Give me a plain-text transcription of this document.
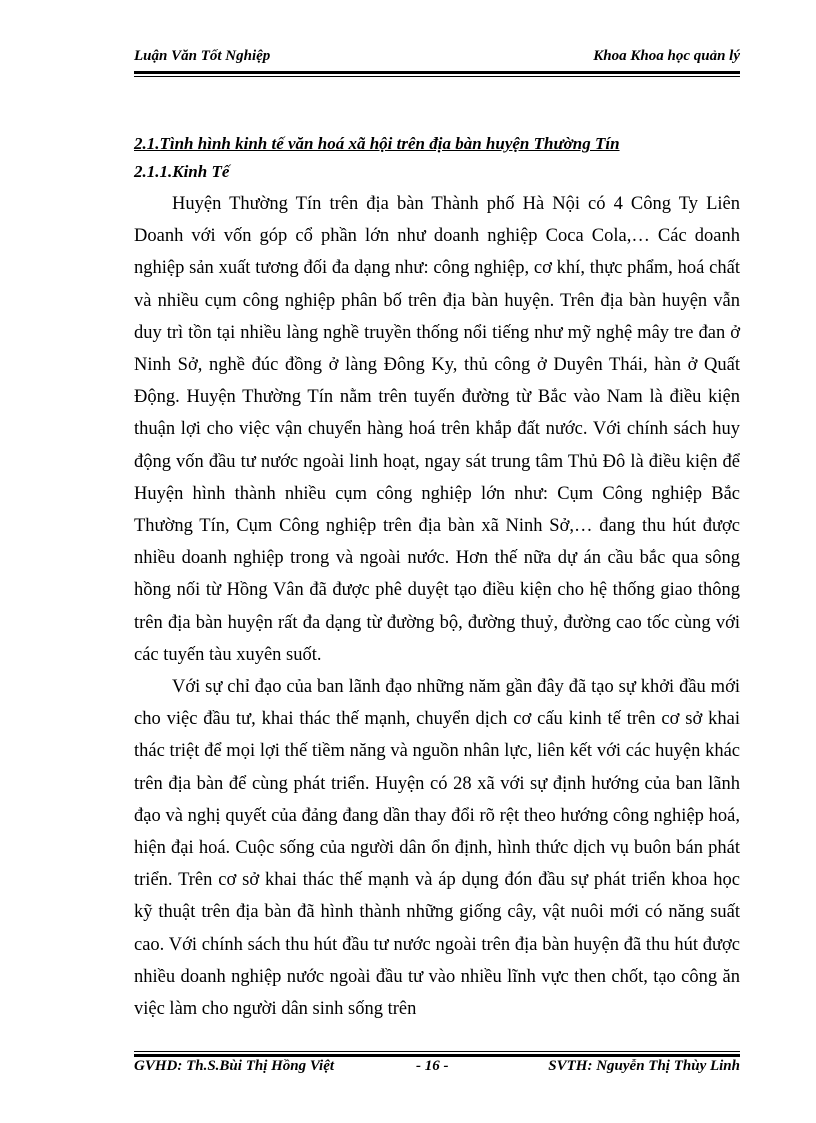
Luận Văn Tốt Nghiệp	Khoa Khoa học quản lý

2.1.Tình hình kinh tế văn hoá xã hội trên địa bàn huyện Thường Tín

2.1.1.Kinh Tế

Huyện Thường Tín trên địa bàn Thành phố Hà Nội có 4 Công Ty Liên Doanh với vốn góp cổ phần lớn như doanh nghiệp Coca Cola,… Các doanh nghiệp sản xuất tương đối đa dạng như: công nghiệp, cơ khí, thực phẩm, hoá chất và nhiều cụm công nghiệp phân bố trên địa bàn huyện. Trên địa bàn huyện vẫn duy trì tồn tại nhiều làng nghề truyền thống nổi tiếng như mỹ nghệ mây tre đan ở Ninh Sở, nghề đúc đồng ở làng Đông Ky, thủ công ở Duyên Thái, hàn ở Quất Động. Huyện Thường Tín nằm trên tuyến đường từ Bắc vào Nam là điều kiện thuận lợi cho việc vận chuyển hàng hoá trên khắp đất nước. Với chính sách huy động vốn đầu tư nước ngoài linh hoạt, ngay sát trung tâm Thủ Đô là điều kiện để Huyện hình thành nhiều cụm công nghiệp lớn như: Cụm Công nghiệp Bắc Thường Tín, Cụm Công nghiệp trên địa bàn xã Ninh Sở,… đang thu hút được nhiều doanh nghiệp trong và ngoài nước. Hơn thế nữa dự án cầu bắc qua sông hồng nối từ Hồng Vân đã được phê duyệt tạo điều kiện cho hệ thống giao thông trên địa bàn huyện rất đa dạng từ đường bộ, đường thuỷ, đường cao tốc cùng với các tuyến tàu xuyên suốt.

Với sự chỉ đạo của ban lãnh đạo những năm gần đây đã tạo sự khởi đầu mới cho việc đầu tư, khai thác thế mạnh, chuyển dịch cơ cấu kinh tế trên cơ sở khai thác triệt để mọi lợi thế tiềm năng và nguồn nhân lực, liên kết với các huyện khác trên địa bàn để cùng phát triển. Huyện có 28 xã với sự định hướng của ban lãnh đạo và nghị quyết của đảng đang dần thay đổi rõ rệt theo hướng công nghiệp hoá, hiện đại hoá. Cuộc sống của người dân ổn định, hình thức dịch vụ buôn bán phát triển. Trên cơ sở khai thác thế mạnh và áp dụng đón đầu sự phát triển khoa học kỹ thuật trên địa bàn đã hình thành những giống cây, vật nuôi mới có năng suất cao. Với chính sách thu hút đầu tư nước ngoài trên địa bàn huyện đã thu hút được nhiều doanh nghiệp nước ngoài đầu tư vào nhiều lĩnh vực then chốt, tạo công ăn việc làm cho người dân sinh sống trên

GVHD: Th.S.Bùi Thị Hồng Việt	- 16 -	SVTH: Nguyễn Thị Thùy Linh
